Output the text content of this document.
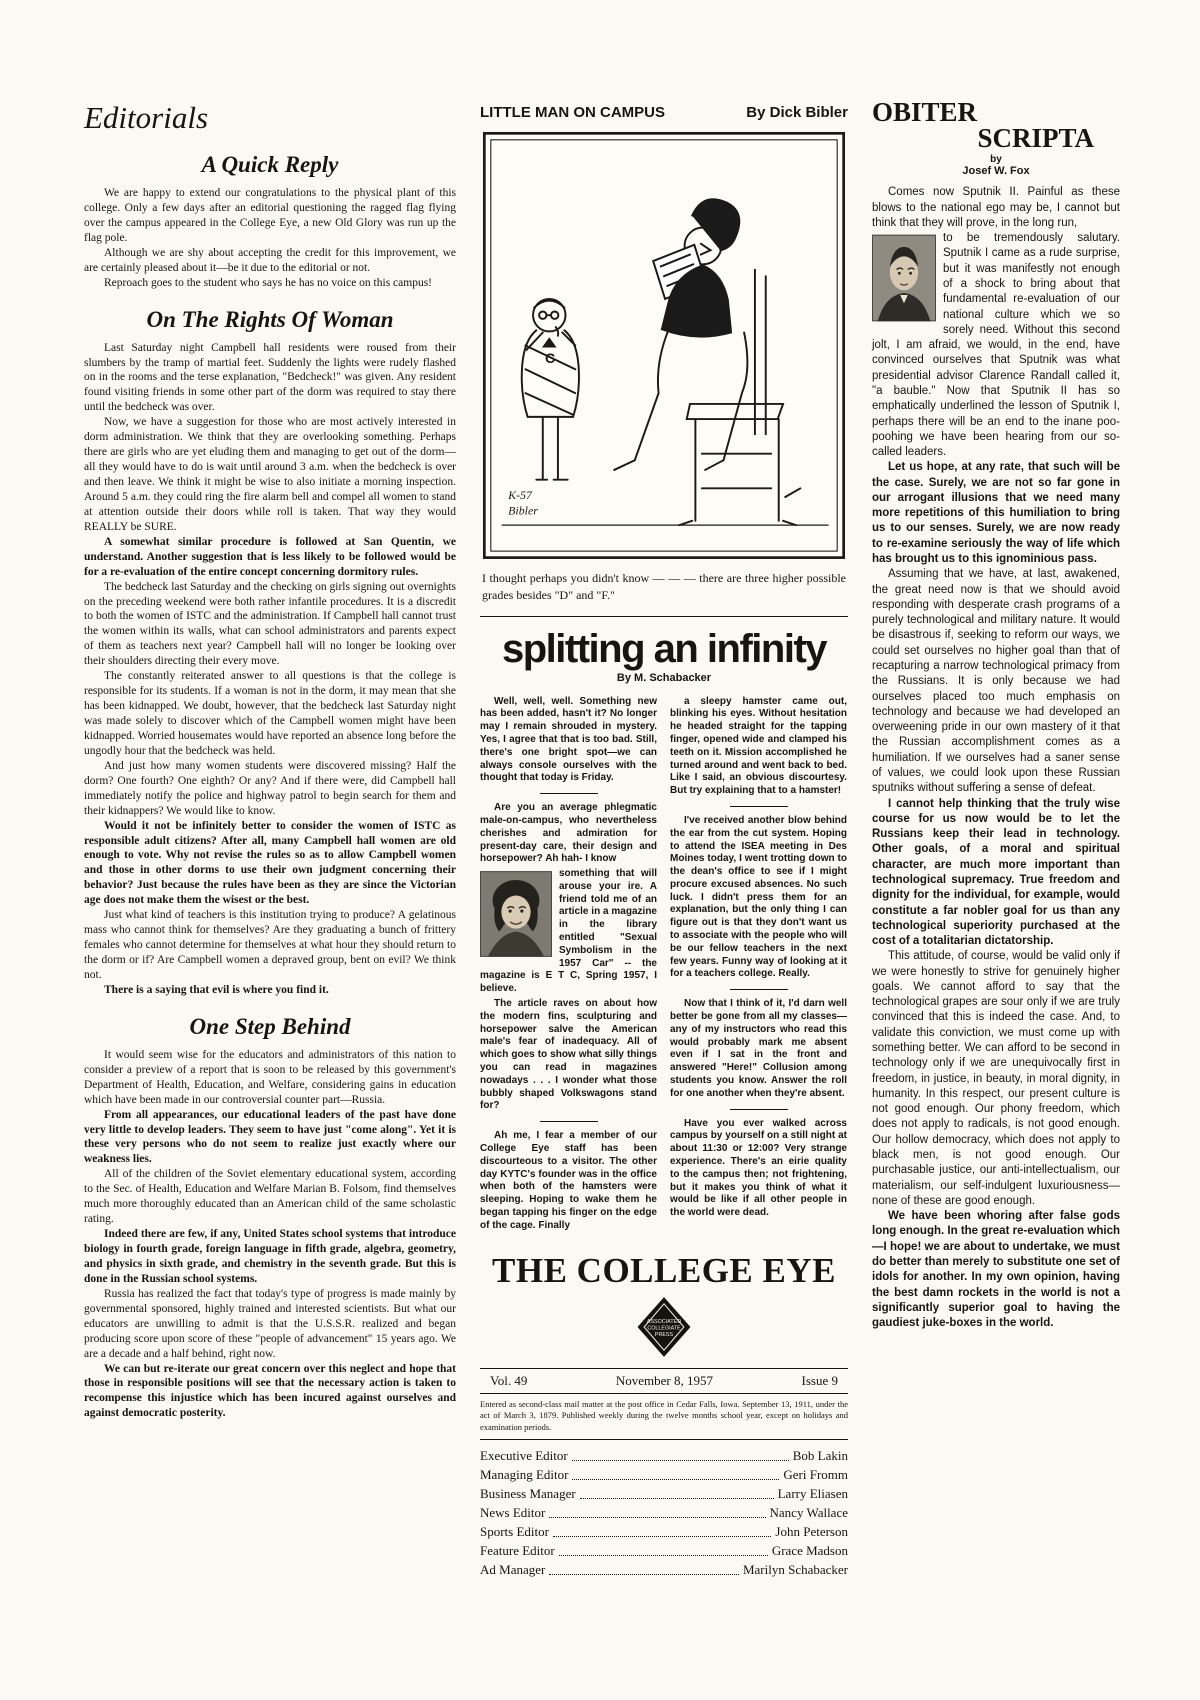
Editorials
A Quick Reply

We are happy to extend our congratulations to the physical plant of this college. Only a few days after an editorial questioning the ragged flag flying over the campus appeared in the College Eye, a new Old Glory was run up the flag pole.

Although we are shy about accepting the credit for this improvement, we are certainly pleased about it—be it due to the editorial or not.

Reproach goes to the student who says he has no voice on this campus!

On The Rights Of Woman

Last Saturday night Campbell hall residents were roused from their slumbers by the tramp of martial feet. Suddenly the lights were rudely flashed on in the rooms and the terse explanation, "Bedcheck!" was given. Any resident found visiting friends in some other part of the dorm was required to stay there until the bedcheck was over.

Now, we have a suggestion for those who are most actively interested in dorm administration. We think that they are overlooking something. Perhaps there are girls who are yet eluding them and managing to get out of the dorm—all they would have to do is wait until around 3 a.m. when the bedcheck is over and then leave. We think it might be wise to also initiate a morning inspection. Around 5 a.m. they could ring the fire alarm bell and compel all women to stand at attention outside their doors while roll is taken. That way they would REALLY be SURE.

A somewhat similar procedure is followed at San Quentin, we understand. Another suggestion that is less likely to be followed would be for a re-evaluation of the entire concept concerning dormitory rules.

The bedcheck last Saturday and the checking on girls signing out overnights on the preceding weekend were both rather infantile procedures. It is a discredit to both the women of ISTC and the administration. If Campbell hall cannot trust the women within its walls, what can school administrators and parents expect of them as teachers next year? Campbell hall will no longer be looking over their shoulders directing their every move.

The constantly reiterated answer to all questions is that the college is responsible for its students. If a woman is not in the dorm, it may mean that she has been kidnapped. We doubt, however, that the bedcheck last Saturday night was made solely to discover which of the Campbell women might have been kidnapped. Worried housemates would have reported an absence long before the ungodly hour that the bedcheck was held.

And just how many women students were discovered missing? Half the dorm? One fourth? One eighth? Or any? And if there were, did Campbell hall immediately notify the police and highway patrol to begin search for them and their kidnappers? We would like to know.

Would it not be infinitely better to consider the women of ISTC as responsible adult citizens? After all, many Campbell hall women are old enough to vote. Why not revise the rules so as to allow Campbell women and those in other dorms to use their own judgment concerning their behavior? Just because the rules have been as they are since the Victorian age does not make them the wisest or the best.

Just what kind of teachers is this institution trying to produce? A gelatinous mass who cannot think for themselves? Are they graduating a bunch of frittery females who cannot determine for themselves at what hour they should return to the dorm or if? Are Campbell women a depraved group, bent on evil? We think not.

There is a saying that evil is where you find it.

One Step Behind

It would seem wise for the educators and administrators of this nation to consider a preview of a report that is soon to be released by this government's Department of Health, Education, and Welfare, considering gains in education which have been made in our controversial counter part—Russia.

From all appearances, our educational leaders of the past have done very little to develop leaders. They seem to have just "come along". Yet it is these very persons who do not seem to realize just exactly where our weakness lies.

All of the children of the Soviet elementary educational system, according to the Sec. of Health, Education and Welfare Marian B. Folsom, find themselves much more thoroughly educated than an American child of the same scholastic rating.

Indeed there are few, if any, United States school systems that introduce biology in fourth grade, foreign language in fifth grade, algebra, geometry, and physics in sixth grade, and chemistry in the seventh grade. But this is done in the Russian school systems.

Russia has realized the fact that today's type of progress is made mainly by governmental sponsored, highly trained and interested scientists. But what our educators are unwilling to admit is that the U.S.S.R. realized and began producing score upon score of these "people of advancement" 15 years ago. We are a decade and a half behind, right now.

We can but re-iterate our great concern over this neglect and hope that those in responsible positions will see that the necessary action is taken to recompense this injustice which has been incured against ourselves and against democratic posterity.

LITTLE MAN ON CAMPUS	By Dick Bibler
C
K-57
Bibler

I thought perhaps you didn't know — — — there are three higher possible grades besides "D" and "F."

splitting an infinity
By M. Schabacker

Well, well, well. Something new has been added, hasn't it? No longer may I remain shrouded in mystery. Yes, I agree that that is too bad. Still, there's one bright spot—we can always console ourselves with the thought that today is Friday.

Are you an average phlegmatic male-on-campus, who nevertheless cherishes and admiration for present-day care, their design and horsepower? Ah hah- I know

something that will arouse your ire. A friend told me of an article in a magazine in the library entitled "Sexual Symbolism in the 1957 Car" -- the magazine is E T C, Spring 1957, I believe.

The article raves on about how the modern fins, sculpturing and horsepower salve the American male's fear of inadequacy. All of which goes to show what silly things you can read in magazines nowadays . . . I wonder what those bubbly shaped Volkswagons stand for?

Ah me, I fear a member of our College Eye staff has been discourteous to a visitor. The other day KYTC's founder was in the office when both of the hamsters were sleeping. Hoping to wake them he began tapping his finger on the edge of the cage. Finally

a sleepy hamster came out, blinking his eyes. Without hesitation he headed straight for the tapping finger, opened wide and clamped his teeth on it. Mission accomplished he turned around and went back to bed. Like I said, an obvious discourtesy. But try explaining that to a hamster!

I've received another blow behind the ear from the cut system. Hoping to attend the ISEA meeting in Des Moines today, I went trotting down to the dean's office to see if I might procure excused absences. No such luck. I didn't press them for an explanation, but the only thing I can figure out is that they don't want us to associate with the people who will be our fellow teachers in the next few years. Funny way of looking at it for a teachers college. Really.

Now that I think of it, I'd darn well better be gone from all my classes—any of my instructors who read this would probably mark me absent even if I sat in the front and answered "Here!" Collusion among students you know. Answer the roll for one another when they're absent.

Have you ever walked across campus by yourself on a still night at about 11:30 or 12:00? Very strange experience. There's an eirie quality to the campus then; not frightening, but it makes you think of what it would be like if all other people in the world were dead.

THE COLLEGE EYE
ASSOCIATED
COLLEGIATE
PRESS
Vol. 49	November 8, 1957	Issue 9

Entered as second-class mail matter at the post office in Cedar Falls, Iowa. September 13, 1911, under the act of March 3, 1879. Published weekly during the twelve months school year, except on holidays and examination periods.

Executive Editor	Bob Lakin
Managing Editor	Geri Fromm
Business Manager	Larry Eliasen
News Editor	Nancy Wallace
Sports Editor	John Peterson
Feature Editor	Grace Madson
Ad Manager	Marilyn Schabacker
OBITER
SCRIPTA
by
Josef W. Fox

Comes now Sputnik II. Painful as these blows to the national ego may be, I cannot but think that they will prove, in the long run,

to be tremendously salutary. Sputnik I came as a rude surprise, but it was manifestly not enough of a shock to bring about that fundamental re-evaluation of our national culture which we so sorely need. Without this second jolt, I am afraid, we would, in the end, have convinced ourselves that Sputnik was what presidential advisor Clarence Randall called it, "a bauble." Now that Sputnik II has so emphatically underlined the lesson of Sputnik I, perhaps there will be an end to the inane poo-poohing we have been hearing from our so-called leaders.

Let us hope, at any rate, that such will be the case. Surely, we are not so far gone in our arrogant illusions that we need many more repetitions of this humiliation to bring us to our senses. Surely, we are now ready to re-examine seriously the way of life which has brought us to this ignominious pass.

Assuming that we have, at last, awakened, the great need now is that we should avoid responding with desperate crash programs of a purely technological and military nature. It would be disastrous if, seeking to reform our ways, we could set ourselves no higher goal than that of recapturing a narrow technological primacy from the Russians. It is only because we had ourselves placed too much emphasis on technology and because we had developed an overweening pride in our own mastery of it that the Russian accomplishment comes as a humiliation. If we ourselves had a saner sense of values, we could look upon these Russian sputniks without suffering a sense of defeat.

I cannot help thinking that the truly wise course for us now would be to let the Russians keep their lead in technology. Other goals, of a moral and spiritual character, are much more important than technological supremacy. True freedom and dignity for the individual, for example, would constitute a far nobler goal for us than any technological superiority purchased at the cost of a totalitarian dictatorship.

This attitude, of course, would be valid only if we were honestly to strive for genuinely higher goals. We cannot afford to say that the technological grapes are sour only if we are truly convinced that this is indeed the case. And, to validate this conviction, we must come up with something better. We can afford to be second in technology only if we are unequivocally first in freedom, in justice, in beauty, in moral dignity, in humanity. In this respect, our present culture is not good enough. Our phony freedom, which does not apply to radicals, is not good enough. Our hollow democracy, which does not apply to black men, is not good enough. Our purchasable justice, our anti-intellectualism, our materialism, our self-indulgent luxuriousness—none of these are good enough.

We have been whoring after false gods long enough. In the great re-evaluation which—I hope! we are about to undertake, we must do better than merely to substitute one set of idols for another. In my own opinion, having the best damn rockets in the world is not a significantly superior goal to having the gaudiest juke-boxes in the world.
